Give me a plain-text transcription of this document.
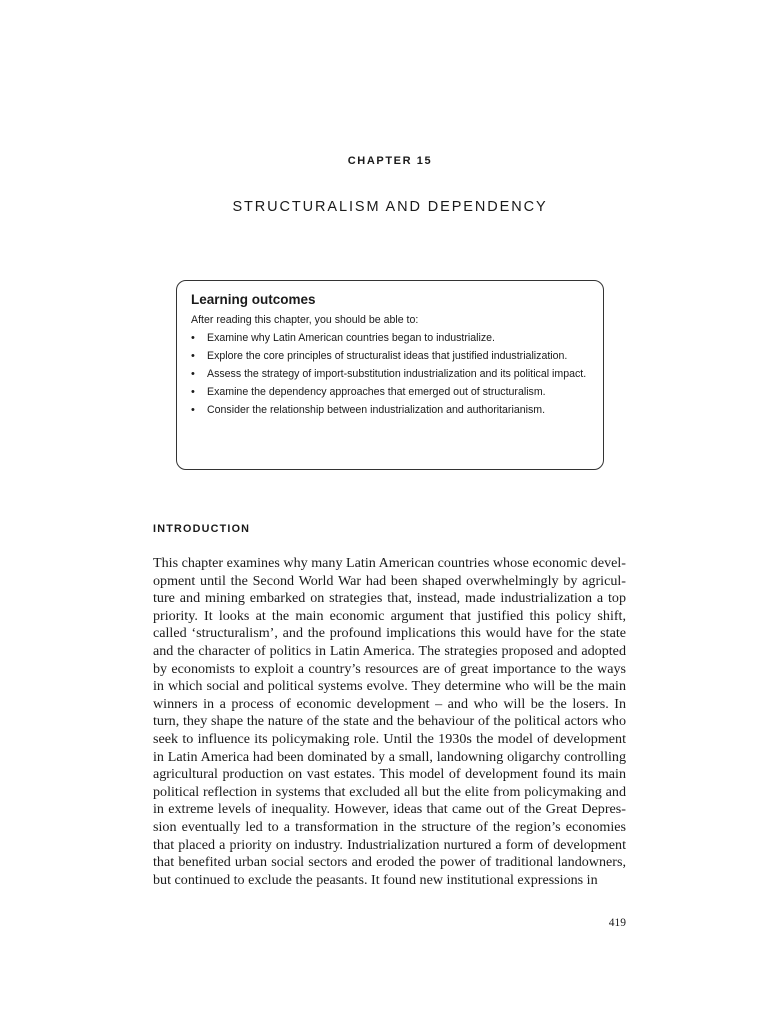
CHAPTER 15
STRUCTURALISM AND DEPENDENCY

Learning outcomes

After reading this chapter, you should be able to:

• Examine why Latin American countries began to industrialize.
• Explore the core principles of structuralist ideas that justified industrialization.
• Assess the strategy of import-substitution industrialization and its political impact.
• Examine the dependency approaches that emerged out of structuralism.
• Consider the relationship between industrialization and authoritarianism.
INTRODUCTION

This chapter examines why many Latin American countries whose economic development until the Second World War had been shaped overwhelmingly by agriculture and mining embarked on strategies that, instead, made industrialization a top priority. It looks at the main economic argument that justified this policy shift, called ‘structuralism’, and the profound implications this would have for the state and the character of politics in Latin America. The strategies proposed and adopted by economists to exploit a country’s resources are of great importance to the ways in which social and political systems evolve. They determine who will be the main winners in a process of economic development – and who will be the losers. In turn, they shape the nature of the state and the behaviour of the political actors who seek to influence its policymaking role. Until the 1930s the model of development in Latin America had been dominated by a small, landowning oligarchy controlling agricultural production on vast estates. This model of development found its main political reflection in systems that excluded all but the elite from policymaking and in extreme levels of inequality. However, ideas that came out of the Great Depression eventually led to a transformation in the structure of the region’s economies that placed a priority on industry. Industrialization nurtured a form of development that benefited urban social sectors and eroded the power of traditional landowners, but continued to exclude the peasants. It found new institutional expressions in

419
